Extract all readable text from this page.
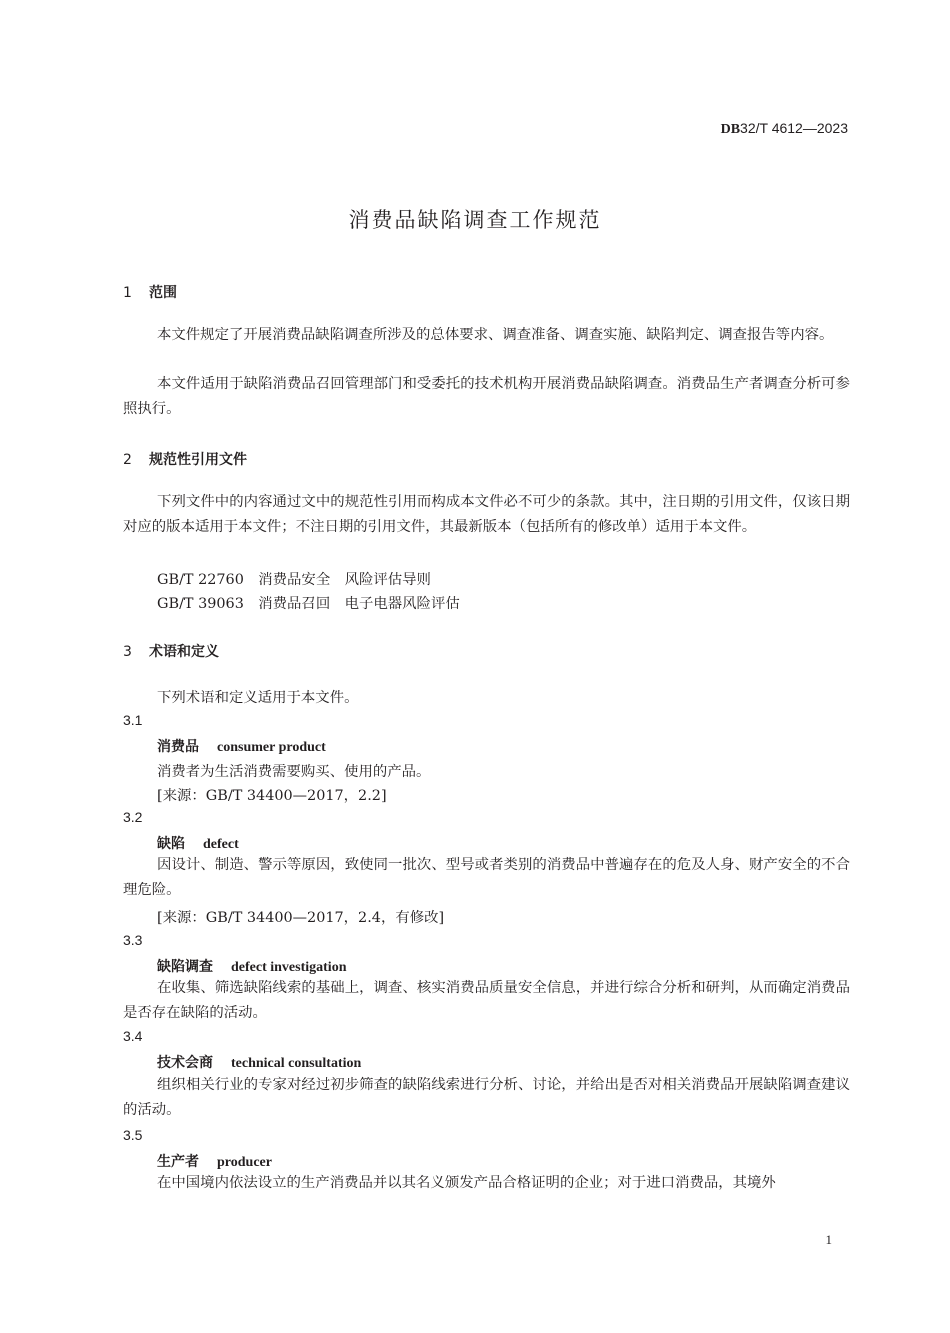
DB32/T 4612—2023
消费品缺陷调查工作规范
1 范围
本文件规定了开展消费品缺陷调查所涉及的总体要求、调查准备、调查实施、缺陷判定、调查报告等内容。
本文件适用于缺陷消费品召回管理部门和受委托的技术机构开展消费品缺陷调查。消费品生产者调查分析可参照执行。
2 规范性引用文件
下列文件中的内容通过文中的规范性引用而构成本文件必不可少的条款。其中，注日期的引用文件，仅该日期对应的版本适用于本文件；不注日期的引用文件，其最新版本（包括所有的修改单）适用于本文件。
GB/T 22760　消费品安全　风险评估导则
GB/T 39063　消费品召回　电子电器风险评估
3 术语和定义
下列术语和定义适用于本文件。
3.1
消费品 consumer product
消费者为生活消费需要购买、使用的产品。
[来源：GB/T 34400—2017，2.2]
3.2
缺陷 defect
因设计、制造、警示等原因，致使同一批次、型号或者类别的消费品中普遍存在的危及人身、财产安全的不合理危险。
[来源：GB/T 34400—2017，2.4，有修改]
3.3
缺陷调查 defect investigation
在收集、筛选缺陷线索的基础上，调查、核实消费品质量安全信息，并进行综合分析和研判，从而确定消费品是否存在缺陷的活动。
3.4
技术会商 technical consultation
组织相关行业的专家对经过初步筛查的缺陷线索进行分析、讨论，并给出是否对相关消费品开展缺陷调查建议的活动。
3.5
生产者 producer
在中国境内依法设立的生产消费品并以其名义颁发产品合格证明的企业；对于进口消费品，其境外
1
